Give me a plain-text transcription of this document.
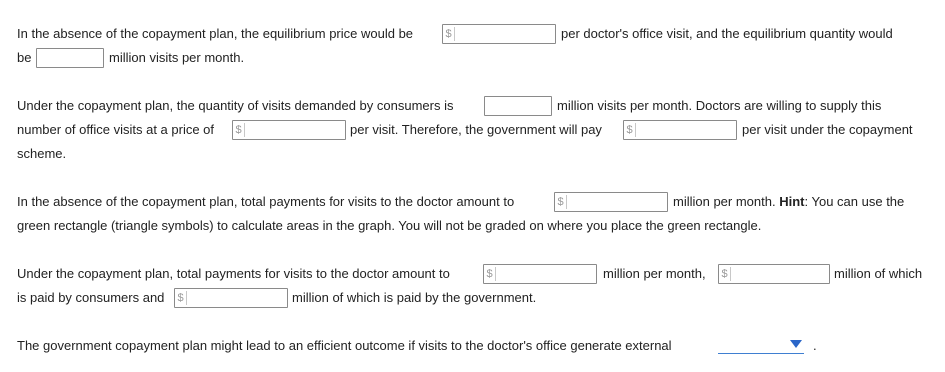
In the absence of the copayment plan, the equilibrium price would be	$	per doctor's office visit, and the equilibrium quantity would
be	million visits per month.
Under the copayment plan, the quantity of visits demanded by consumers is	million visits per month. Doctors are willing to supply this
number of office visits at a price of $	per visit. Therefore, the government will pay $	per visit under the copayment
scheme.
In the absence of the copayment plan, total payments for visits to the doctor amount to	$	million per month. Hint: You can use the
green rectangle (triangle symbols) to calculate areas in the graph. You will not be graded on where you place the green rectangle.
Under the copayment plan, total payments for visits to the doctor amount to	$	million per month, $	million of which
is paid by consumers and $	million of which is paid by the government.
The government copayment plan might lead to an efficient outcome if visits to the doctor's office generate external	.
